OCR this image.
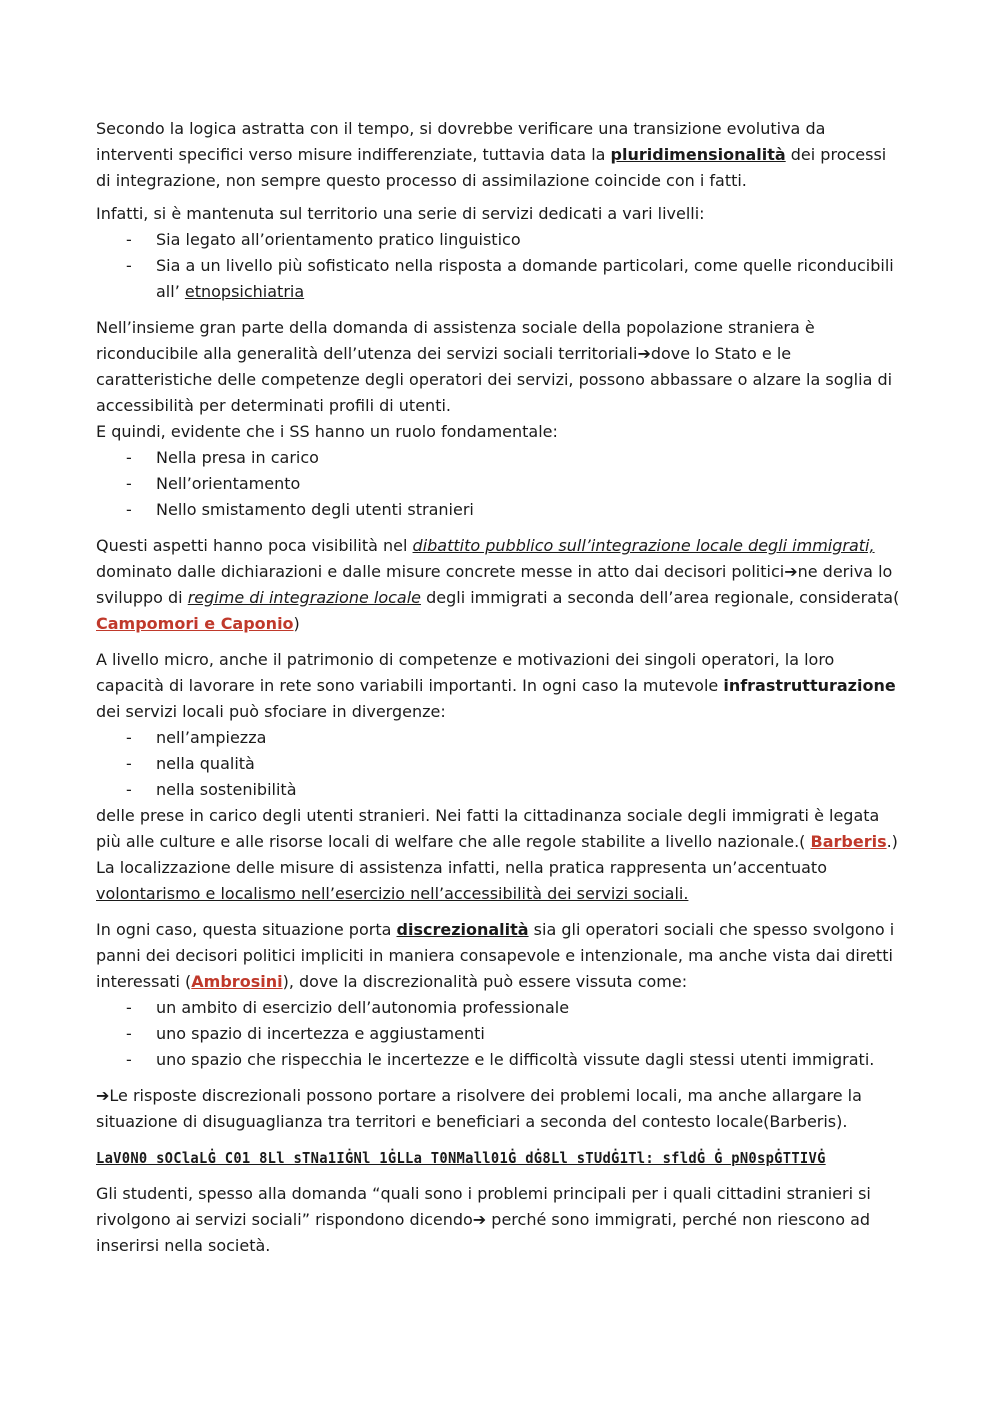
Secondo la logica astratta con il tempo, si dovrebbe verificare una transizione evolutiva da interventi specifici verso misure indifferenziate, tuttavia data la pluridimensionalità dei processi di integrazione, non sempre questo processo di assimilazione coincide con i fatti.

Infatti, si è mantenuta sul territorio una serie di servizi dedicati a vari livelli:

- Sia legato all’orientamento pratico linguistico
- Sia a un livello più sofisticato nella risposta a domande particolari, come quelle riconducibili all’ etnopsichiatria

Nell’insieme gran parte della domanda di assistenza sociale della popolazione straniera è riconducibile alla generalità dell’utenza dei servizi sociali territoriali➔dove lo Stato e le caratteristiche delle competenze degli operatori dei servizi, possono abbassare o alzare la soglia di accessibilità per determinati profili di utenti.
E quindi, evidente che i SS hanno un ruolo fondamentale:

- Nella presa in carico
- Nell’orientamento
- Nello smistamento degli utenti stranieri

Questi aspetti hanno poca visibilità nel dibattito pubblico sull’integrazione locale degli immigrati, dominato dalle dichiarazioni e dalle misure concrete messe in atto dai decisori politici➔ne deriva lo sviluppo di regime di integrazione locale degli immigrati a seconda dell’area regionale, considerata( Campomori e Caponio)

A livello micro, anche il patrimonio di competenze e motivazioni dei singoli operatori, la loro capacità di lavorare in rete sono variabili importanti. In ogni caso la mutevole infrastrutturazione dei servizi locali può sfociare in divergenze:

- nell’ampiezza
- nella qualità
- nella sostenibilità

delle prese in carico degli utenti stranieri. Nei fatti la cittadinanza sociale degli immigrati è legata più alle culture e alle risorse locali di welfare che alle regole stabilite a livello nazionale.( Barberis.)
La localizzazione delle misure di assistenza infatti, nella pratica rappresenta un’accentuato volontarismo e localismo nell’esercizio nell’accessibilità dei servizi sociali.

In ogni caso, questa situazione porta discrezionalità sia gli operatori sociali che spesso svolgono i panni dei decisori politici impliciti in maniera consapevole e intenzionale, ma anche vista dai diretti interessati (Ambrosini), dove la discrezionalità può essere vissuta come:

- un ambito di esercizio dell’autonomia professionale
- uno spazio di incertezza e aggiustamenti
- uno spazio che rispecchia le incertezze e le difficoltà vissute dagli stessi utenti immigrati.

➔Le risposte discrezionali possono portare a risolvere dei problemi locali, ma anche allargare la situazione di disuguaglianza tra territori e beneficiari a seconda del contesto locale(Barberis).

LaV0N0 sOClaLĠ C01 8Ll sTNa1IĠNl 1ĠLLa T0NMall01Ġ dĠ8Ll sTUdĠ1Tl: sfldĠ Ġ pN0spĠTTIVĠ

Gli studenti, spesso alla domanda “quali sono i problemi principali per i quali cittadini stranieri si rivolgono ai servizi sociali” rispondono dicendo➔ perché sono immigrati, perché non riescono ad inserirsi nella società.
